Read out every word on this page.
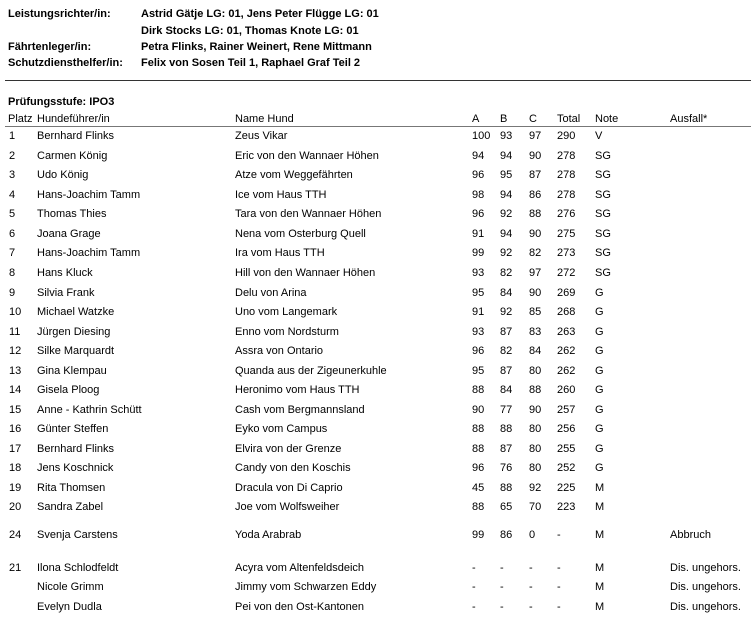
Leistungsrichter/in:	Astrid Gätje LG: 01, Jens Peter Flügge LG: 01
Dirk Stocks LG: 01, Thomas Knote LG: 01
Fährtenleger/in:	Petra Flinks, Rainer Weinert, Rene Mittmann
Schutzdiensthelfer/in: Felix von Sosen Teil 1, Raphael Graf Teil 2
Prüfungsstufe: IPO3
Platz Hundeführer/in	Name Hund	A B C Total Note	Ausfall*
1 Bernhard Flinks	Zeus Vikar	100 93 97 290 V
2 Carmen König	Eric von den Wannaer Höhen	94 94 90 278 SG
3 Udo König	Atze vom Weggefährten	96 95 87 278 SG
4 Hans-Joachim Tamm	Ice vom Haus TTH	98 94 86 278 SG
5 Thomas Thies	Tara von den Wannaer Höhen	96 92 88 276 SG
6 Joana Grage	Nena vom Osterburg Quell	91 94 90 275 SG
7 Hans-Joachim Tamm	Ira vom Haus TTH	99 92 82 273 SG
8 Hans Kluck	Hill von den Wannaer Höhen	93 82 97 272 SG
9 Silvia Frank	Delu von Arina	95 84 90 269 G
10 Michael Watzke	Uno vom Langemark	91 92 85 268 G
11 Jürgen Diesing	Enno vom Nordsturm	93 87 83 263 G
12 Silke Marquardt	Assra von Ontario	96 82 84 262 G
13 Gina Klempau	Quanda aus der Zigeunerkuhle	95 87 80 262 G
14 Gisela Ploog	Heronimo vom Haus TTH	88 84 88 260 G
15 Anne - Kathrin Schütt	Cash vom Bergmannsland	90 77 90 257 G
16 Günter Steffen	Eyko vom Campus	88 88 80 256 G
17 Bernhard Flinks	Elvira von der Grenze	88 87 80 255 G
18 Jens Koschnick	Candy von den Koschis	96 76 80 252 G
19 Rita Thomsen	Dracula von Di Caprio	45 88 92 225 M
20 Sandra Zabel	Joe vom Wolfsweiher	88 65 70 223 M
24 Svenja Carstens	Yoda Arabrab	99 86 0 -	M	Abbruch
21 Ilona Schlodfeldt	Acyra vom Altenfeldsdeich	- - - -	M	Dis. ungehors.
Nicole Grimm	Jimmy vom Schwarzen Eddy	- - - -	M	Dis. ungehors.
Evelyn Dudla	Pei von den Ost-Kantonen	- - - -	M	Dis. ungehors.
